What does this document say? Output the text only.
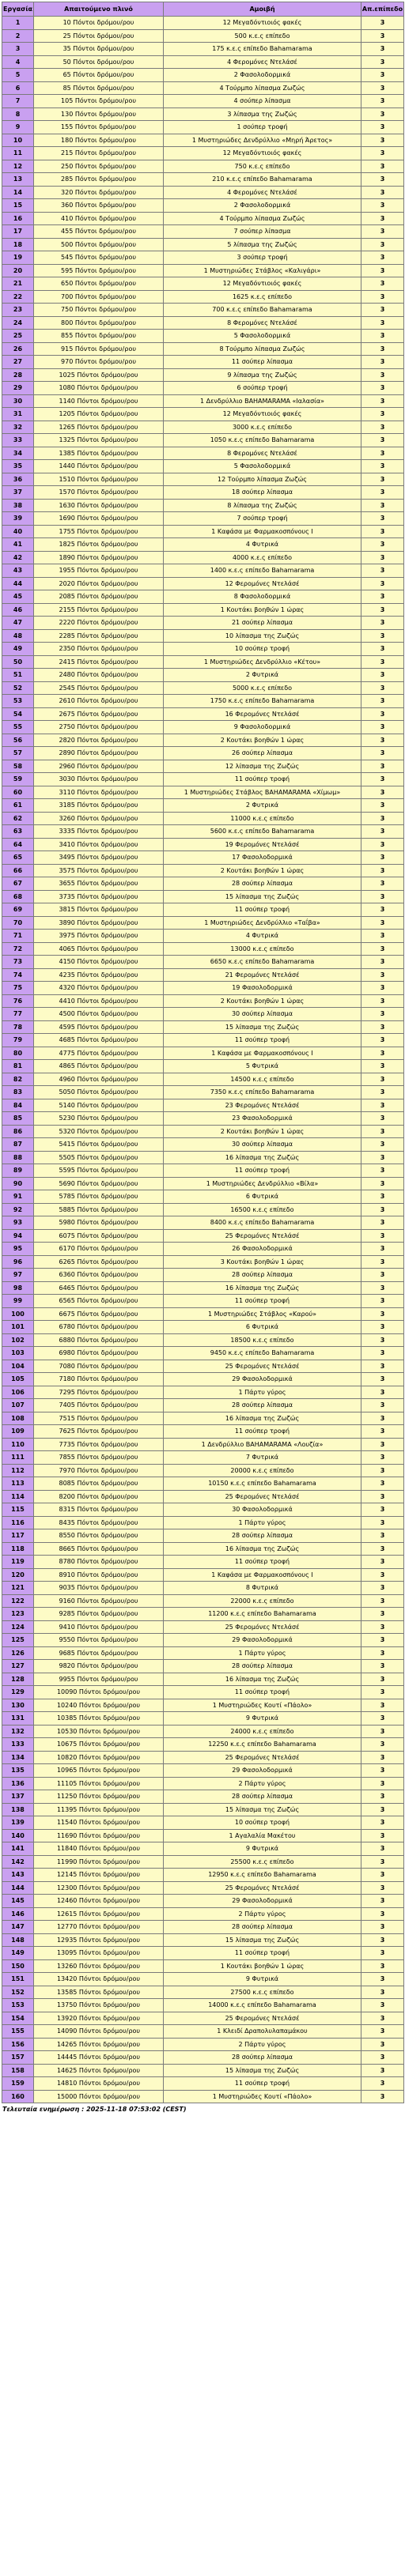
Εργασία	Απαιτούμενο πλινό	Αμοιβή	Απ.επίπεδο
1	10 Πόντοι δρόμου/ρου	12 Μεγαδόντιοιός φακές	3
2	25 Πόντοι δρόμου/ρου	500 κ.ε.ς επίπεδο	3
3	35 Πόντοι δρόμου/ρου	175 κ.ε.ς επίπεδο Bahamarama	3
4	50 Πόντοι δρόμου/ρου	4 Φερομόνες Ντελάσέ	3
5	65 Πόντοι δρόμου/ρου	2 Φασολοδορμικά	3
6	85 Πόντοι δρόμου/ρου	4 Τούρμπο λίπασμα Ζωζώς	3
7	105 Πόντοι δρόμου/ρου	4 σούπερ λίπασμα	3
8	130 Πόντοι δρόμου/ρου	3 λίπασμα της Ζωζώς	3
9	155 Πόντοι δρόμου/ρου	1 σούπερ τροφή	3
10	180 Πόντοι δρόμου/ρου	1 Μυστηριώδες Δενδρύλλιο «Μηρή Άρετος»	3
11	215 Πόντοι δρόμου/ρου	12 Μεγαδόντιοιός φακές	3
12	250 Πόντοι δρόμου/ρου	750 κ.ε.ς επίπεδο	3
13	285 Πόντοι δρόμου/ρου	210 κ.ε.ς επίπεδο Bahamarama	3
14	320 Πόντοι δρόμου/ρου	4 Φερομόνες Ντελάσέ	3
15	360 Πόντοι δρόμου/ρου	2 Φασολοδορμικά	3
16	410 Πόντοι δρόμου/ρου	4 Τούρμπο λίπασμα Ζωζώς	3
17	455 Πόντοι δρόμου/ρου	7 σούπερ λίπασμα	3
18	500 Πόντοι δρόμου/ρου	5 λίπασμα της Ζωζώς	3
19	545 Πόντοι δρόμου/ρου	3 σούπερ τροφή	3
20	595 Πόντοι δρόμου/ρου	1 Μυστηριώδες Στάβλος «Καλιγάρι»	3
21	650 Πόντοι δρόμου/ρου	12 Μεγαδόντιοιός φακές	3
22	700 Πόντοι δρόμου/ρου	1625 κ.ε.ς επίπεδο	3
23	750 Πόντοι δρόμου/ρου	700 κ.ε.ς επίπεδο Bahamarama	3
24	800 Πόντοι δρόμου/ρου	8 Φερομόνες Ντελάσέ	3
25	855 Πόντοι δρόμου/ρου	5 Φασολοδορμικά	3
26	915 Πόντοι δρόμου/ρου	8 Τούρμπο λίπασμα Ζωζώς	3
27	970 Πόντοι δρόμου/ρου	11 σούπερ λίπασμα	3
28	1025 Πόντοι δρόμου/ρου	9 λίπασμα της Ζωζώς	3
29	1080 Πόντοι δρόμου/ρου	6 σούπερ τροφή	3
30	1140 Πόντοι δρόμου/ρου	1 Δενδρύλλιο BAHAMARAMA «Ιαλασία»	3
31	1205 Πόντοι δρόμου/ρου	12 Μεγαδόντιοιός φακές	3
32	1265 Πόντοι δρόμου/ρου	3000 κ.ε.ς επίπεδο	3
33	1325 Πόντοι δρόμου/ρου	1050 κ.ε.ς επίπεδο Bahamarama	3
34	1385 Πόντοι δρόμου/ρου	8 Φερομόνες Ντελάσέ	3
35	1440 Πόντοι δρόμου/ρου	5 Φασολοδορμικά	3
36	1510 Πόντοι δρόμου/ρου	12 Τούρμπο λίπασμα Ζωζώς	3
37	1570 Πόντοι δρόμου/ρου	18 σούπερ λίπασμα	3
38	1630 Πόντοι δρόμου/ρου	8 λίπασμα της Ζωζώς	3
39	1690 Πόντοι δρόμου/ρου	7 σούπερ τροφή	3
40	1755 Πόντοι δρόμου/ρου	1 Καφάσα με Φαρμακοσπόνους Ι	3
41	1825 Πόντοι δρόμου/ρου	4 Φυτρικά	3
42	1890 Πόντοι δρόμου/ρου	4000 κ.ε.ς επίπεδο	3
43	1955 Πόντοι δρόμου/ρου	1400 κ.ε.ς επίπεδο Bahamarama	3
44	2020 Πόντοι δρόμου/ρου	12 Φερομόνες Ντελάσέ	3
45	2085 Πόντοι δρόμου/ρου	8 Φασολοδορμικά	3
46	2155 Πόντοι δρόμου/ρου	1 Κουτάκι βοηθών 1 ώρας	3
47	2220 Πόντοι δρόμου/ρου	21 σούπερ λίπασμα	3
48	2285 Πόντοι δρόμου/ρου	10 λίπασμα της Ζωζώς	3
49	2350 Πόντοι δρόμου/ρου	10 σούπερ τροφή	3
50	2415 Πόντοι δρόμου/ρου	1 Μυστηριώδες Δενδρύλλιο «Κέτου»	3
51	2480 Πόντοι δρόμου/ρου	2 Φυτρικά	3
52	2545 Πόντοι δρόμου/ρου	5000 κ.ε.ς επίπεδο	3
53	2610 Πόντοι δρόμου/ρου	1750 κ.ε.ς επίπεδο Bahamarama	3
54	2675 Πόντοι δρόμου/ρου	16 Φερομόνες Ντελάσέ	3
55	2750 Πόντοι δρόμου/ρου	9 Φασολοδορμικά	3
56	2820 Πόντοι δρόμου/ρου	2 Κουτάκι βοηθών 1 ώρας	3
57	2890 Πόντοι δρόμου/ρου	26 σούπερ λίπασμα	3
58	2960 Πόντοι δρόμου/ρου	12 λίπασμα της Ζωζώς	3
59	3030 Πόντοι δρόμου/ρου	11 σούπερ τροφή	3
60	3110 Πόντοι δρόμου/ρου	1 Μυστηριώδες Στάβλος BAHAMARAMA «Χίμωμ»	3
61	3185 Πόντοι δρόμου/ρου	2 Φυτρικά	3
62	3260 Πόντοι δρόμου/ρου	11000 κ.ε.ς επίπεδο	3
63	3335 Πόντοι δρόμου/ρου	5600 κ.ε.ς επίπεδο Bahamarama	3
64	3410 Πόντοι δρόμου/ρου	19 Φερομόνες Ντελάσέ	3
65	3495 Πόντοι δρόμου/ρου	17 Φασολοδορμικά	3
66	3575 Πόντοι δρόμου/ρου	2 Κουτάκι βοηθών 1 ώρας	3
67	3655 Πόντοι δρόμου/ρου	28 σούπερ λίπασμα	3
68	3735 Πόντοι δρόμου/ρου	15 λίπασμα της Ζωζώς	3
69	3815 Πόντοι δρόμου/ρου	11 σούπερ τροφή	3
70	3890 Πόντοι δρόμου/ρου	1 Μυστηριώδες Δενδρύλλιο «Ταΐβα»	3
71	3975 Πόντοι δρόμου/ρου	4 Φυτρικά	3
72	4065 Πόντοι δρόμου/ρου	13000 κ.ε.ς επίπεδο	3
73	4150 Πόντοι δρόμου/ρου	6650 κ.ε.ς επίπεδο Bahamarama	3
74	4235 Πόντοι δρόμου/ρου	21 Φερομόνες Ντελάσέ	3
75	4320 Πόντοι δρόμου/ρου	19 Φασολοδορμικά	3
76	4410 Πόντοι δρόμου/ρου	2 Κουτάκι βοηθών 1 ώρας	3
77	4500 Πόντοι δρόμου/ρου	30 σούπερ λίπασμα	3
78	4595 Πόντοι δρόμου/ρου	15 λίπασμα της Ζωζώς	3
79	4685 Πόντοι δρόμου/ρου	11 σούπερ τροφή	3
80	4775 Πόντοι δρόμου/ρου	1 Καφάσα με Φαρμακοσπόνους Ι	3
81	4865 Πόντοι δρόμου/ρου	5 Φυτρικά	3
82	4960 Πόντοι δρόμου/ρου	14500 κ.ε.ς επίπεδο	3
83	5050 Πόντοι δρόμου/ρου	7350 κ.ε.ς επίπεδο Bahamarama	3
84	5140 Πόντοι δρόμου/ρου	23 Φερομόνες Ντελάσέ	3
85	5230 Πόντοι δρόμου/ρου	23 Φασολοδορμικά	3
86	5320 Πόντοι δρόμου/ρου	2 Κουτάκι βοηθών 1 ώρας	3
87	5415 Πόντοι δρόμου/ρου	30 σούπερ λίπασμα	3
88	5505 Πόντοι δρόμου/ρου	16 λίπασμα της Ζωζώς	3
89	5595 Πόντοι δρόμου/ρου	11 σούπερ τροφή	3
90	5690 Πόντοι δρόμου/ρου	1 Μυστηριώδες Δενδρύλλιο «Βίλα»	3
91	5785 Πόντοι δρόμου/ρου	6 Φυτρικά	3
92	5885 Πόντοι δρόμου/ρου	16500 κ.ε.ς επίπεδο	3
93	5980 Πόντοι δρόμου/ρου	8400 κ.ε.ς επίπεδο Bahamarama	3
94	6075 Πόντοι δρόμου/ρου	25 Φερομόνες Ντελάσέ	3
95	6170 Πόντοι δρόμου/ρου	26 Φασολοδορμικά	3
96	6265 Πόντοι δρόμου/ρου	3 Κουτάκι βοηθών 1 ώρας	3
97	6360 Πόντοι δρόμου/ρου	28 σούπερ λίπασμα	3
98	6465 Πόντοι δρόμου/ρου	16 λίπασμα της Ζωζώς	3
99	6565 Πόντοι δρόμου/ρου	11 σούπερ τροφή	3
100	6675 Πόντοι δρόμου/ρου	1 Μυστηριώδες Στάβλος «Καρού»	3
101	6780 Πόντοι δρόμου/ρου	6 Φυτρικά	3
102	6880 Πόντοι δρόμου/ρου	18500 κ.ε.ς επίπεδο	3
103	6980 Πόντοι δρόμου/ρου	9450 κ.ε.ς επίπεδο Bahamarama	3
104	7080 Πόντοι δρόμου/ρου	25 Φερομόνες Ντελάσέ	3
105	7180 Πόντοι δρόμου/ρου	29 Φασολοδορμικά	3
106	7295 Πόντοι δρόμου/ρου	1 Πάρτυ γύρος	3
107	7405 Πόντοι δρόμου/ρου	28 σούπερ λίπασμα	3
108	7515 Πόντοι δρόμου/ρου	16 λίπασμα της Ζωζώς	3
109	7625 Πόντοι δρόμου/ρου	11 σούπερ τροφή	3
110	7735 Πόντοι δρόμου/ρου	1 Δενδρύλλιο BAHAMARAMA «Λουζία»	3
111	7855 Πόντοι δρόμου/ρου	7 Φυτρικά	3
112	7970 Πόντοι δρόμου/ρου	20000 κ.ε.ς επίπεδο	3
113	8085 Πόντοι δρόμου/ρου	10150 κ.ε.ς επίπεδο Bahamarama	3
114	8200 Πόντοι δρόμου/ρου	25 Φερομόνες Ντελάσέ	3
115	8315 Πόντοι δρόμου/ρου	30 Φασολοδορμικά	3
116	8435 Πόντοι δρόμου/ρου	1 Πάρτυ γύρος	3
117	8550 Πόντοι δρόμου/ρου	28 σούπερ λίπασμα	3
118	8665 Πόντοι δρόμου/ρου	16 λίπασμα της Ζωζώς	3
119	8780 Πόντοι δρόμου/ρου	11 σούπερ τροφή	3
120	8910 Πόντοι δρόμου/ρου	1 Καφάσα με Φαρμακοσπόνους Ι	3
121	9035 Πόντοι δρόμου/ρου	8 Φυτρικά	3
122	9160 Πόντοι δρόμου/ρου	22000 κ.ε.ς επίπεδο	3
123	9285 Πόντοι δρόμου/ρου	11200 κ.ε.ς επίπεδο Bahamarama	3
124	9410 Πόντοι δρόμου/ρου	25 Φερομόνες Ντελάσέ	3
125	9550 Πόντοι δρόμου/ρου	29 Φασολοδορμικά	3
126	9685 Πόντοι δρόμου/ρου	1 Πάρτυ γύρος	3
127	9820 Πόντοι δρόμου/ρου	28 σούπερ λίπασμα	3
128	9955 Πόντοι δρόμου/ρου	16 λίπασμα της Ζωζώς	3
129	10090 Πόντοι δρόμου/ρου	11 σούπερ τροφή	3
130	10240 Πόντοι δρόμου/ρου	1 Μυστηριώδες Κουτί «Πάολο»	3
131	10385 Πόντοι δρόμου/ρου	9 Φυτρικά	3
132	10530 Πόντοι δρόμου/ρου	24000 κ.ε.ς επίπεδο	3
133	10675 Πόντοι δρόμου/ρου	12250 κ.ε.ς επίπεδο Bahamarama	3
134	10820 Πόντοι δρόμου/ρου	25 Φερομόνες Ντελάσέ	3
135	10965 Πόντοι δρόμου/ρου	29 Φασολοδορμικά	3
136	11105 Πόντοι δρόμου/ρου	2 Πάρτυ γύρος	3
137	11250 Πόντοι δρόμου/ρου	28 σούπερ λίπασμα	3
138	11395 Πόντοι δρόμου/ρου	15 λίπασμα της Ζωζώς	3
139	11540 Πόντοι δρόμου/ρου	10 σούπερ τροφή	3
140	11690 Πόντοι δρόμου/ρου	1 Αγαλαλία Μακέτου	3
141	11840 Πόντοι δρόμου/ρου	9 Φυτρικά	3
142	11990 Πόντοι δρόμου/ρου	25500 κ.ε.ς επίπεδο	3
143	12145 Πόντοι δρόμου/ρου	12950 κ.ε.ς επίπεδο Bahamarama	3
144	12300 Πόντοι δρόμου/ρου	25 Φερομόνες Ντελάσέ	3
145	12460 Πόντοι δρόμου/ρου	29 Φασολοδορμικά	3
146	12615 Πόντοι δρόμου/ρου	2 Πάρτυ γύρος	3
147	12770 Πόντοι δρόμου/ρου	28 σούπερ λίπασμα	3
148	12935 Πόντοι δρόμου/ρου	15 λίπασμα της Ζωζώς	3
149	13095 Πόντοι δρόμου/ρου	11 σούπερ τροφή	3
150	13260 Πόντοι δρόμου/ρου	1 Κουτάκι βοηθών 1 ώρας	3
151	13420 Πόντοι δρόμου/ρου	9 Φυτρικά	3
152	13585 Πόντοι δρόμου/ρου	27500 κ.ε.ς επίπεδο	3
153	13750 Πόντοι δρόμου/ρου	14000 κ.ε.ς επίπεδο Bahamarama	3
154	13920 Πόντοι δρόμου/ρου	25 Φερομόνες Ντελάσέ	3
155	14090 Πόντοι δρόμου/ρου	1 Κλειδί Δραπολυλαπαμάκου	3
156	14265 Πόντοι δρόμου/ρου	2 Πάρτυ γύρος	3
157	14445 Πόντοι δρόμου/ρου	28 σούπερ λίπασμα	3
158	14625 Πόντοι δρόμου/ρου	15 λίπασμα της Ζωζώς	3
159	14810 Πόντοι δρόμου/ρου	11 σούπερ τροφή	3
160	15000 Πόντοι δρόμου/ρου	1 Μυστηριώδες Κουτί «Πάολο»	3
Τελευταία ενημέρωση : 2025-11-18 07:53:02 (CEST)
